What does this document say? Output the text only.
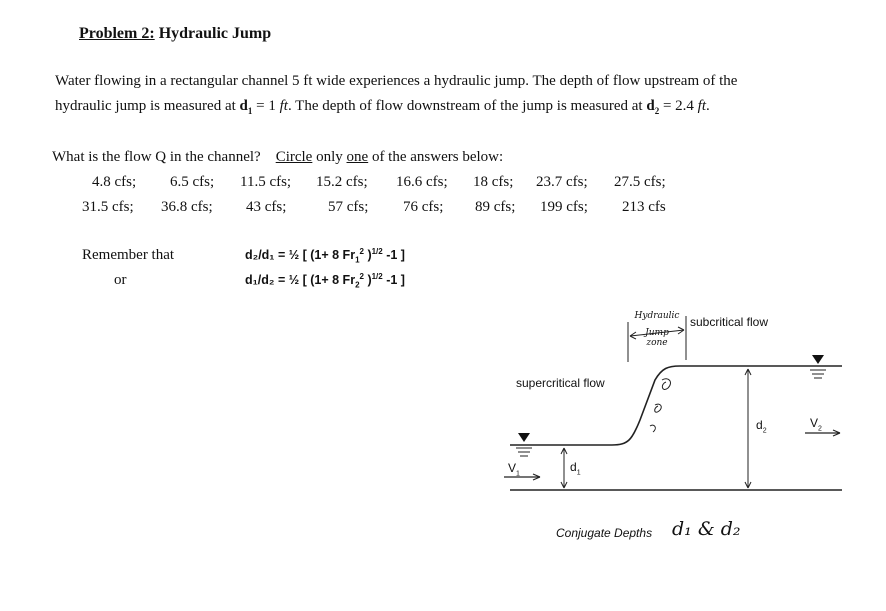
Problem 2: Hydraulic Jump
Water flowing in a rectangular channel 5 ft wide experiences a hydraulic jump. The depth of flow upstream of the
hydraulic jump is measured at $d_1 = 1$ ft. The depth of flow downstream of the jump is measured at $d_2 = 2.4$ ft.
What is the flow Q in the channel? Circle only one of the answers below:
4.8 cfs; 6.5 cfs; 11.5 cfs; 15.2 cfs; 16.6 cfs; 18 cfs; 23.7 cfs; 27.5 cfs;
31.5 cfs; 36.8 cfs; 43 cfs;	57 cfs; 76 cfs; 89 cfs; 199 cfs; 213 cfs
Remember that
or
d₂/d₁ = ½ [ (1+ 8 $Fr_1^2$ )$^{1/2}$ -1 ]
d₁/d₂ = ½ [ (1+ 8 $Fr_2^2$ )$^{1/2}$ -1 ]
subcritical flow
supercritical flow
Hydraulic
Jump
zone
$d_1$
$d_2$
$V_1$
$V_2$
Conjugate Depths d₁ & d₂
